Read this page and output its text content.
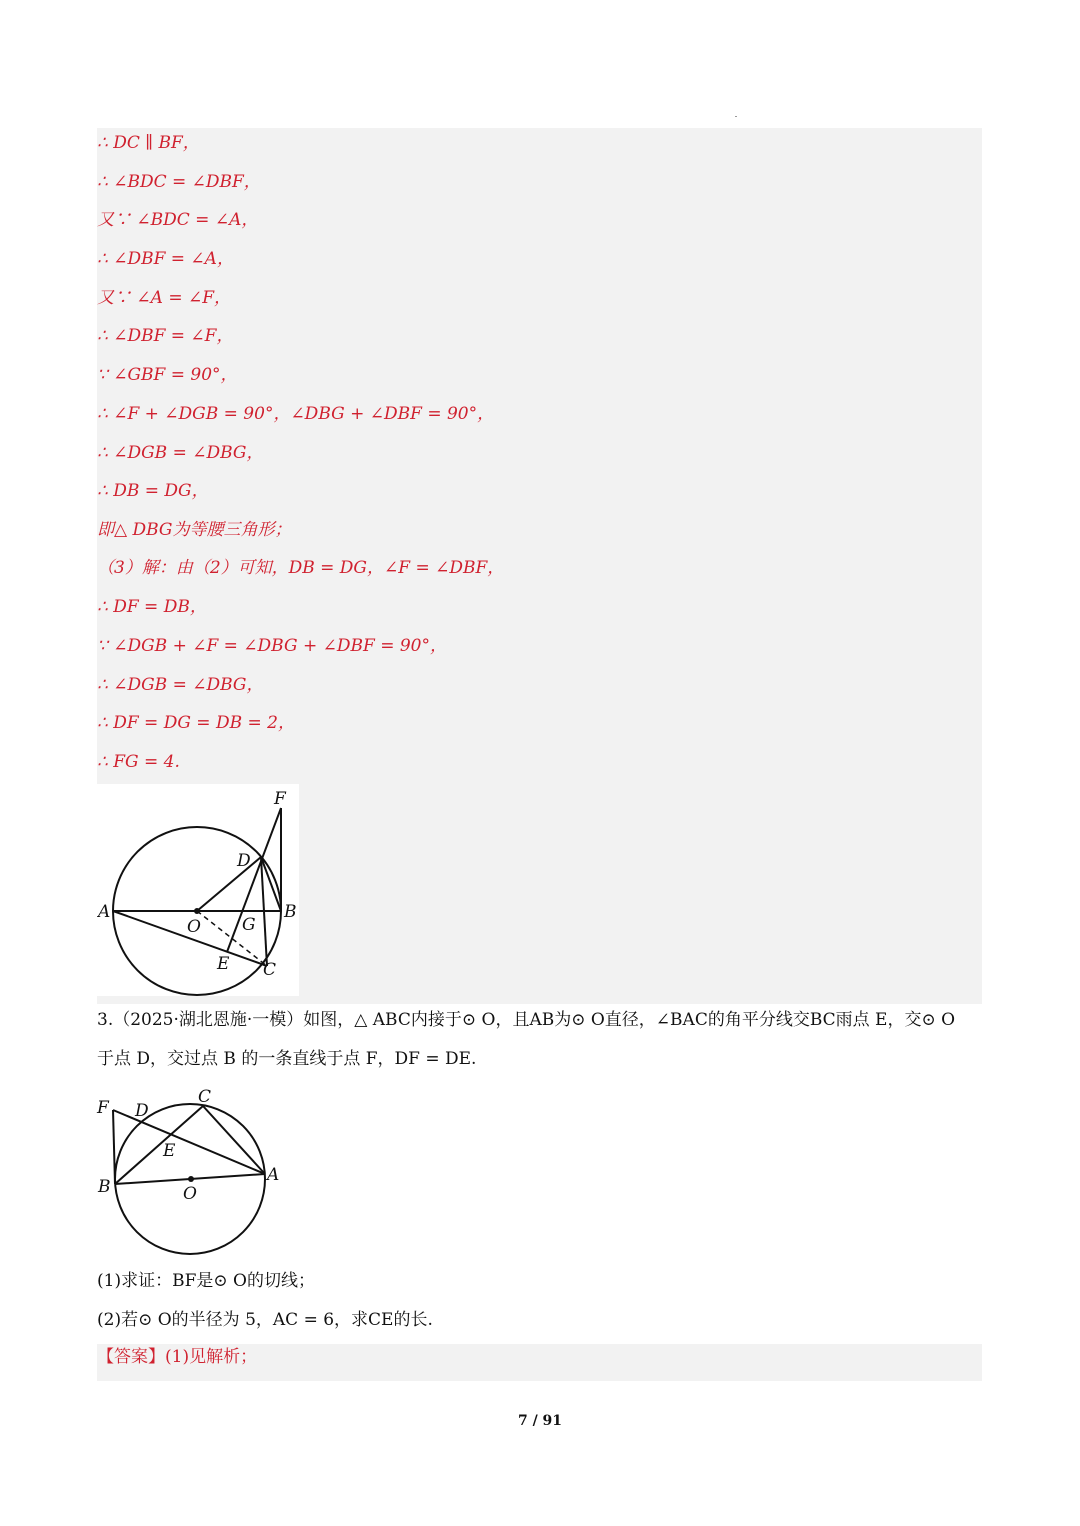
∴ DC ∥ BF，
∴ ∠BDC = ∠DBF，
又∵ ∠BDC = ∠A，
∴ ∠DBF = ∠A，
又∵ ∠A = ∠F，
∴ ∠DBF = ∠F，
∵ ∠GBF = 90°，
∴ ∠F + ∠DGB = 90°，∠DBG + ∠DBF = 90°，
∴ ∠DGB = ∠DBG，
∴ DB = DG，
即△ DBG为等腰三角形；
（3）解：由（2）可知，DB = DG，∠F = ∠DBF，
∴ DF = DB，
∵ ∠DGB + ∠F = ∠DBG + ∠DBF = 90°，
∴ ∠DGB = ∠DBG，
∴ DF = DG = DB = 2，
∴ FG = 4.
F
D
A
O G
B
E C
3.（2025·湖北恩施·一模）如图，△ ABC内接于⊙ O，且AB为⊙ O直径，∠BAC的角平分线交BC雨点 E，交⊙ O
于点 D，交过点 B 的一条直线于点 F，DF = DE.
F D
C
E
B	O
A
(1)求证：BF是⊙ O的切线；
(2)若⊙ O的半径为 5，AC = 6，求CE的长.
【答案】(1)见解析；
7 / 91
